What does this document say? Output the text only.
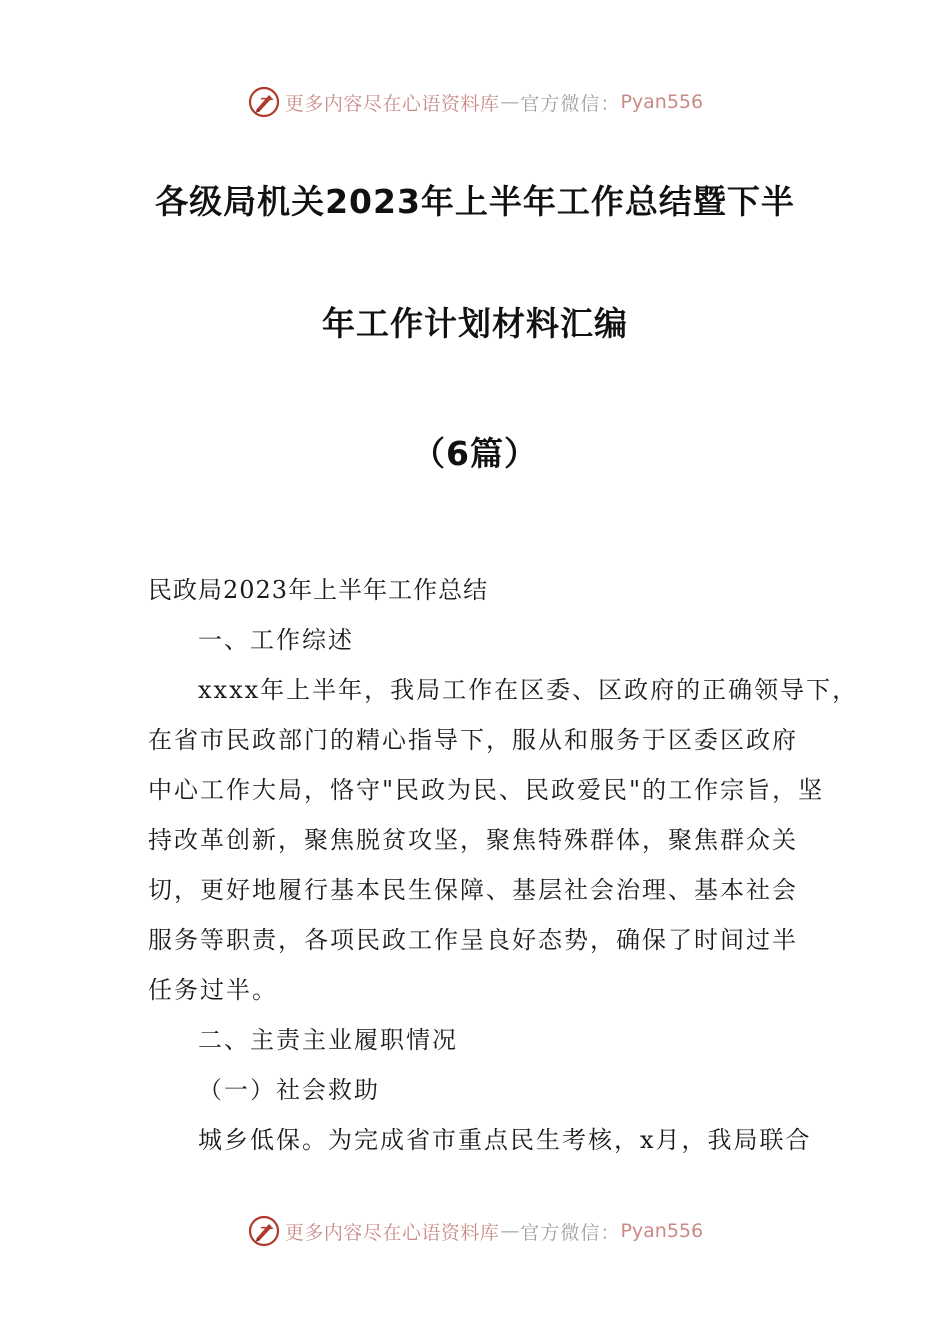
更多内容尽在心语资料库 — 官方微信： Pyan556
各级局机关2023年上半年工作总结暨下半
年工作计划材料汇编
（6篇）
民政局2023年上半年工作总结
一、工作综述
xxxx年上半年，我局工作在区委、区政府的正确领导下，
在省市民政部门的精心指导下，服从和服务于区委区政府
中心工作大局，恪守"民政为民、民政爱民"的工作宗旨，坚
持改革创新，聚焦脱贫攻坚，聚焦特殊群体，聚焦群众关
切，更好地履行基本民生保障、基层社会治理、基本社会
服务等职责，各项民政工作呈良好态势，确保了时间过半
任务过半。
二、主责主业履职情况
（一）社会救助
城乡低保。为完成省市重点民生考核，x月，我局联合
更多内容尽在心语资料库 — 官方微信： Pyan556
